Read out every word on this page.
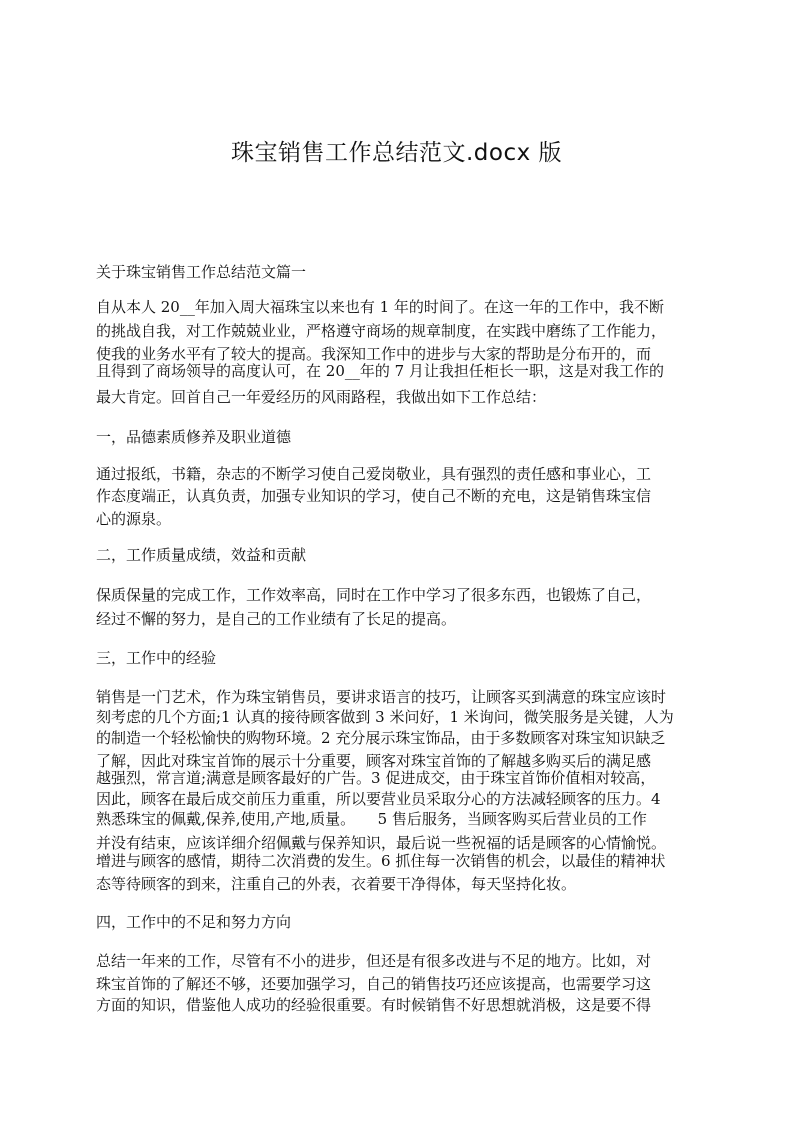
珠宝销售工作总结范文.docx 版
关于珠宝销售工作总结范文篇一
自从本人 20__年加入周大福珠宝以来也有 1 年的时间了。在这一年的工作中，我不断
的挑战自我，对工作兢兢业业，严格遵守商场的规章制度，在实践中磨练了工作能力，
使我的业务水平有了较大的提高。我深知工作中的进步与大家的帮助是分布开的，而
且得到了商场领导的高度认可，在 20__年的 7 月让我担任柜长一职，这是对我工作的
最大肯定。回首自己一年爱经历的风雨路程，我做出如下工作总结：
一，品德素质修养及职业道德
通过报纸，书籍，杂志的不断学习使自己爱岗敬业，具有强烈的责任感和事业心，工
作态度端正，认真负责，加强专业知识的学习，使自己不断的充电，这是销售珠宝信
心的源泉。
二，工作质量成绩，效益和贡献
保质保量的完成工作，工作效率高，同时在工作中学习了很多东西，也锻炼了自己，
经过不懈的努力，是自己的工作业绩有了长足的提高。
三，工作中的经验
销售是一门艺术，作为珠宝销售员，要讲求语言的技巧，让顾客买到满意的珠宝应该时
刻考虑的几个方面;1 认真的接待顾客做到 3 米问好，1 米询问，微笑服务是关键，人为
的制造一个轻松愉快的购物环境。2 充分展示珠宝饰品，由于多数顾客对珠宝知识缺乏
了解，因此对珠宝首饰的展示十分重要，顾客对珠宝首饰的了解越多购买后的满足感
越强烈，常言道;满意是顾客最好的广告。3 促进成交，由于珠宝首饰价值相对较高，
因此，顾客在最后成交前压力重重，所以要营业员采取分心的方法减轻顾客的压力。4
熟悉珠宝的佩戴,保养,使用,产地,质量。　　5 售后服务，当顾客购买后营业员的工作
并没有结束，应该详细介绍佩戴与保养知识，最后说一些祝福的话是顾客的心情愉悦。
增进与顾客的感情，期待二次消费的发生。6 抓住每一次销售的机会，以最佳的精神状
态等待顾客的到来，注重自己的外表，衣着要干净得体，每天坚持化妆。
四，工作中的不足和努力方向
总结一年来的工作，尽管有不小的进步，但还是有很多改进与不足的地方。比如，对
珠宝首饰的了解还不够，还要加强学习，自己的销售技巧还应该提高，也需要学习这
方面的知识，借鉴他人成功的经验很重要。有时候销售不好思想就消极，这是要不得
